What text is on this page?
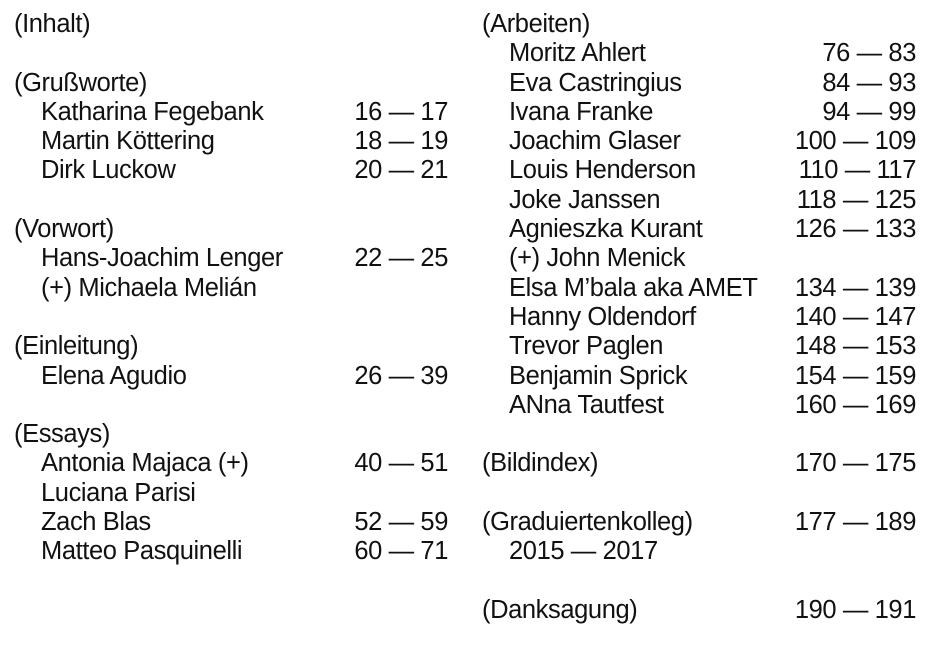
(Inhalt)
(Grußworte)
Katharina Fegebank	16 — 17
Martin Köttering	18 — 19
Dirk Luckow	20 — 21
(Vorwort)
Hans-Joachim Lenger	22 — 25
(+) Michaela Melián
(Einleitung)
Elena Agudio	26 — 39
(Essays)
Antonia Majaca (+)	40 — 51
Luciana Parisi
Zach Blas	52 — 59
Matteo Pasquinelli	60 — 71
(Arbeiten)
Moritz Ahlert	76 — 83
Eva Castringius	84 — 93
Ivana Franke	94 — 99
Joachim Glaser	100 — 109
Louis Henderson	110 — 117
Joke Janssen	118 — 125
Agnieszka Kurant	126 — 133
(+) John Menick
Elsa M’bala aka AMET 134 — 139
Hanny Oldendorf	140 — 147
Trevor Paglen	148 — 153
Benjamin Sprick	154 — 159
ANna Tautfest	160 — 169
(Bildindex)	170 — 175
(Graduiertenkolleg)	177 — 189
2015 — 2017
(Danksagung)	190 — 191
